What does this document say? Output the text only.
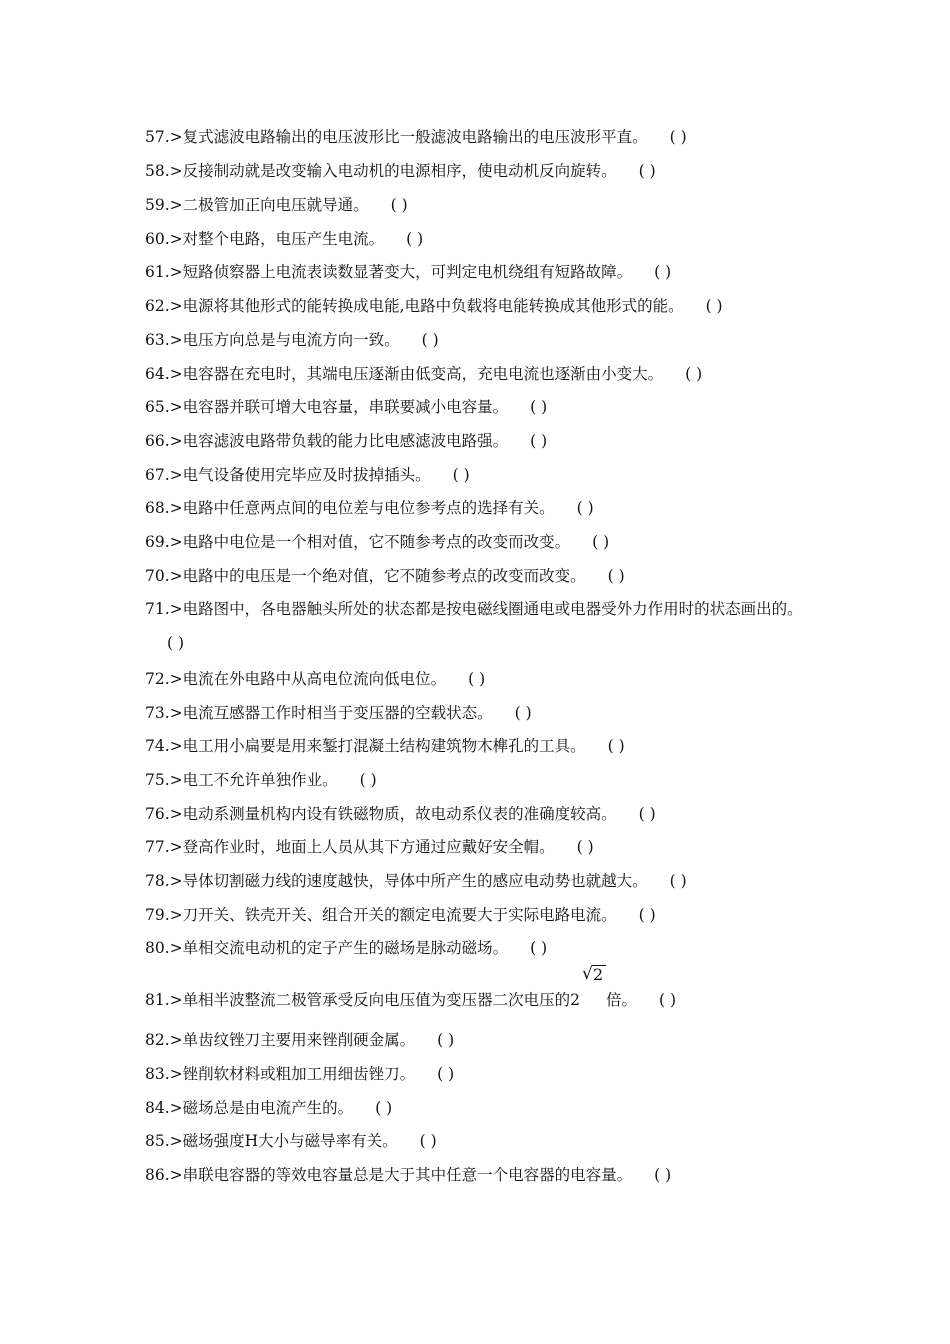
57.>复式滤波电路输出的电压波形比一般滤波电路输出的电压波形平直。 ( )
58.>反接制动就是改变输入电动机的电源相序，使电动机反向旋转。 ( )
59.>二极管加正向电压就导通。 ( )
60.>对整个电路，电压产生电流。 ( )
61.>短路侦察器上电流表读数显著变大，可判定电机绕组有短路故障。 ( )
62.>电源将其他形式的能转换成电能,电路中负载将电能转换成其他形式的能。 ( )
63.>电压方向总是与电流方向一致。 ( )
64.>电容器在充电时，其端电压逐渐由低变高，充电电流也逐渐由小变大。 ( )
65.>电容器并联可增大电容量，串联要减小电容量。 ( )
66.>电容滤波电路带负载的能力比电感滤波电路强。 ( )
67.>电气设备使用完毕应及时拔掉插头。 ( )
68.>电路中任意两点间的电位差与电位参考点的选择有关。 ( )
69.>电路中电位是一个相对值，它不随参考点的改变而改变。 ( )
70.>电路中的电压是一个绝对值，它不随参考点的改变而改变。 ( )
71.>电路图中，各电器触头所处的状态都是按电磁线圈通电或电器受外力作用时的状态画出的。( )
72.>电流在外电路中从高电位流向低电位。 ( )
73.>电流互感器工作时相当于变压器的空载状态。 ( )
74.>电工用小扁要是用来錾打混凝土结构建筑物木榫孔的工具。 ( )
75.>电工不允许单独作业。 ( )
76.>电动系测量机构内设有铁磁物质，故电动系仪表的准确度较高。 ( )
77.>登高作业时，地面上人员从其下方通过应戴好安全帽。 ( )
78.>导体切割磁力线的速度越快，导体中所产生的感应电动势也就越大。 ( )
79.>刀开关、铁壳开关、组合开关的额定电流要大于实际电路电流。 ( )
80.>单相交流电动机的定子产生的磁场是脉动磁场。 ( )
81.>单相半波整流二极管承受反向电压值为变压器二次电压的2
√ 2
倍。 ( )
82.>单齿纹锉刀主要用来锉削硬金属。 ( )
83.>锉削软材料或粗加工用细齿锉刀。 ( )
84.>磁场总是由电流产生的。 ( )
85.>磁场强度H大小与磁导率有关。 ( )
86.>串联电容器的等效电容量总是大于其中任意一个电容器的电容量。 ( )
